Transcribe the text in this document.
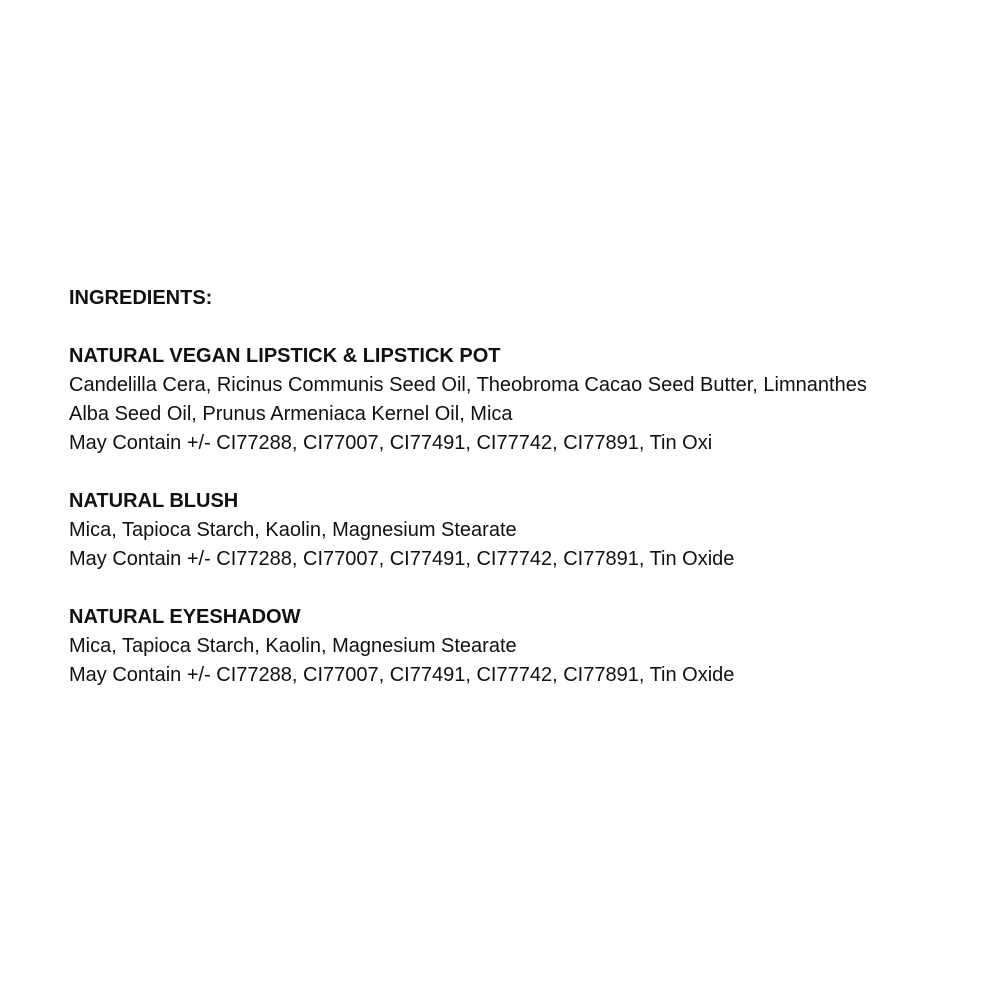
INGREDIENTS:

NATURAL VEGAN LIPSTICK & LIPSTICK POT

Candelilla Cera, Ricinus Communis Seed Oil, Theobroma Cacao Seed Butter, Limnanthes

Alba Seed Oil, Prunus Armeniaca Kernel Oil, Mica

May Contain +/- CI77288, CI77007, CI77491, CI77742, CI77891, Tin Oxi

NATURAL BLUSH

Mica, Tapioca Starch, Kaolin, Magnesium Stearate

May Contain +/- CI77288, CI77007, CI77491, CI77742, CI77891, Tin Oxide

NATURAL EYESHADOW

Mica, Tapioca Starch, Kaolin, Magnesium Stearate

May Contain +/- CI77288, CI77007, CI77491, CI77742, CI77891, Tin Oxide
